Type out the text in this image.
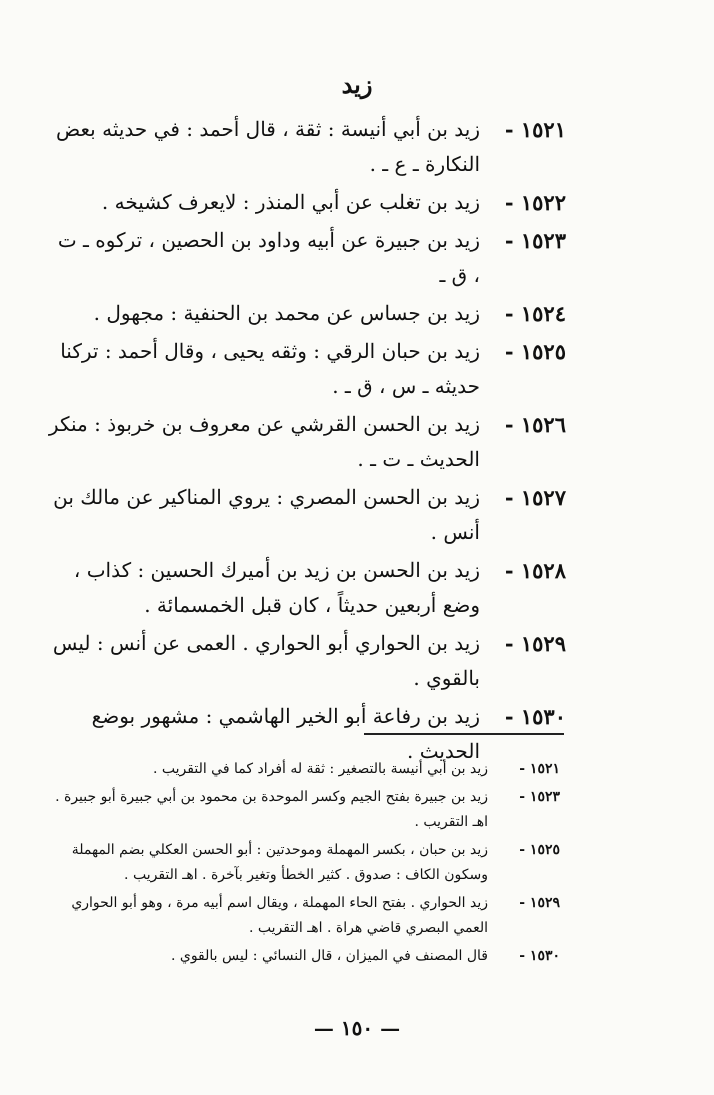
زيد
١٥٢١ -
زيد بن أبي أنيسة : ثقة ، قال أحمد : في حديثه بعض النكارة ـ ع ـ .
١٥٢٢ -
زيد بن تغلب عن أبي المنذر : لايعرف كشيخه .
١٥٢٣ -
زيد بن جبيرة عن أبيه وداود بن الحصين ، تركوه ـ ت ، ق ـ
١٥٢٤ -
زيد بن جساس عن محمد بن الحنفية : مجهول .
١٥٢٥ -
زيد بن حبان الرقي : وثقه يحيى ، وقال أحمد : تركنا حديثه ـ س ، ق ـ .
١٥٢٦ -
زيد بن الحسن القرشي عن معروف بن خربوذ : منكر الحديث ـ ت ـ .
١٥٢٧ -
زيد بن الحسن المصري : يروي المناكير عن مالك بن أنس .
١٥٢٨ -
زيد بن الحسن بن زيد بن أميرك الحسين : كذاب ، وضع أربعين حديثاً ، كان قبل الخمسمائة .
١٥٢٩ -
زيد بن الحواري أبو الحواري . العمى عن أنس : ليس بالقوي .
١٥٣٠ -
زيد بن رفاعة أبو الخير الهاشمي : مشهور بوضع الحديث .
١٥٢١ -
زيد بن أبي أنيسة بالتصغير : ثقة له أفراد كما في التقريب .
١٥٢٣ -
زيد بن جبيرة بفتح الجيم وكسر الموحدة بن محمود بن أبي جبيرة أبو جبيرة . اهـ التقريب .
١٥٢٥ -
زيد بن حبان ، بكسر المهملة وموحدتين : أبو الحسن العكلي بضم المهملة وسكون الكاف : صدوق . كثير الخطأ وتغير بآخرة . اهـ التقريب .
١٥٢٩ -
زيد الحواري . بفتح الحاء المهملة ، ويقال اسم أبيه مرة ، وهو أبو الحواري العمي البصري قاضي هراة . اهـ التقريب .
١٥٣٠ -
قال المصنف في الميزان ، قال النسائي : ليس بالقوي .
— ١٥٠ —
